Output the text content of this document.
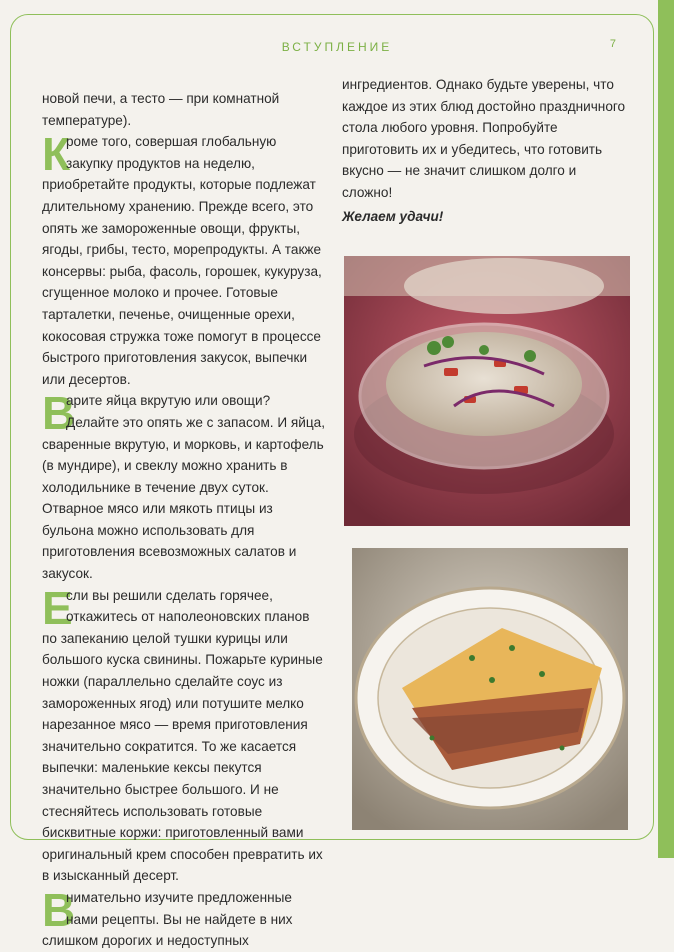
ВСТУПЛЕНИЕ	7

новой печи, а тесто — при комнатной температуре).

К
роме того, совершая глобальную закупку продуктов на неделю, приобретайте продукты, которые подлежат длительному хранению. Прежде всего, это опять же замороженные овощи, фрукты, ягоды, грибы, тесто, морепродукты. А также консервы: рыба, фасоль, горошек, кукуруза, сгущенное молоко и прочее. Готовые тарталетки, печенье, очищенные орехи, кокосовая стружка тоже помогут в процессе быстрого приготовления закусок, выпечки или десертов.

В
арите яйца вкрутую или овощи? Делайте это опять же с запасом. И яйца, сваренные вкрутую, и морковь, и картофель (в мундире), и свеклу можно хранить в холодильнике в течение двух суток. Отварное мясо или мякоть птицы из бульона можно использовать для приготовления всевозможных салатов и закусок.

Е
сли вы решили сделать горячее, откажитесь от наполеоновских планов по запеканию целой тушки курицы или большого куска свинины. Пожарьте куриные ножки (параллельно сделайте соус из замороженных ягод) или потушите мелко нарезанное мясо — время приготовления значительно сократится. То же касается выпечки: маленькие кексы пекутся значительно быстрее большого. И не стесняйтесь использовать готовые бисквитные коржи: приготовленный вами оригинальный крем способен превратить их в изысканный десерт.

В
нимательно изучите предложенные нами рецепты. Вы не найдете в них слишком дорогих и недоступных

ингредиентов. Однако будьте уверены, что каждое из этих блюд достойно праздничного стола любого уровня. Попробуйте приготовить их и убедитесь, что готовить вкусно — не значит слишком долго и сложно!

Желаем удачи!
